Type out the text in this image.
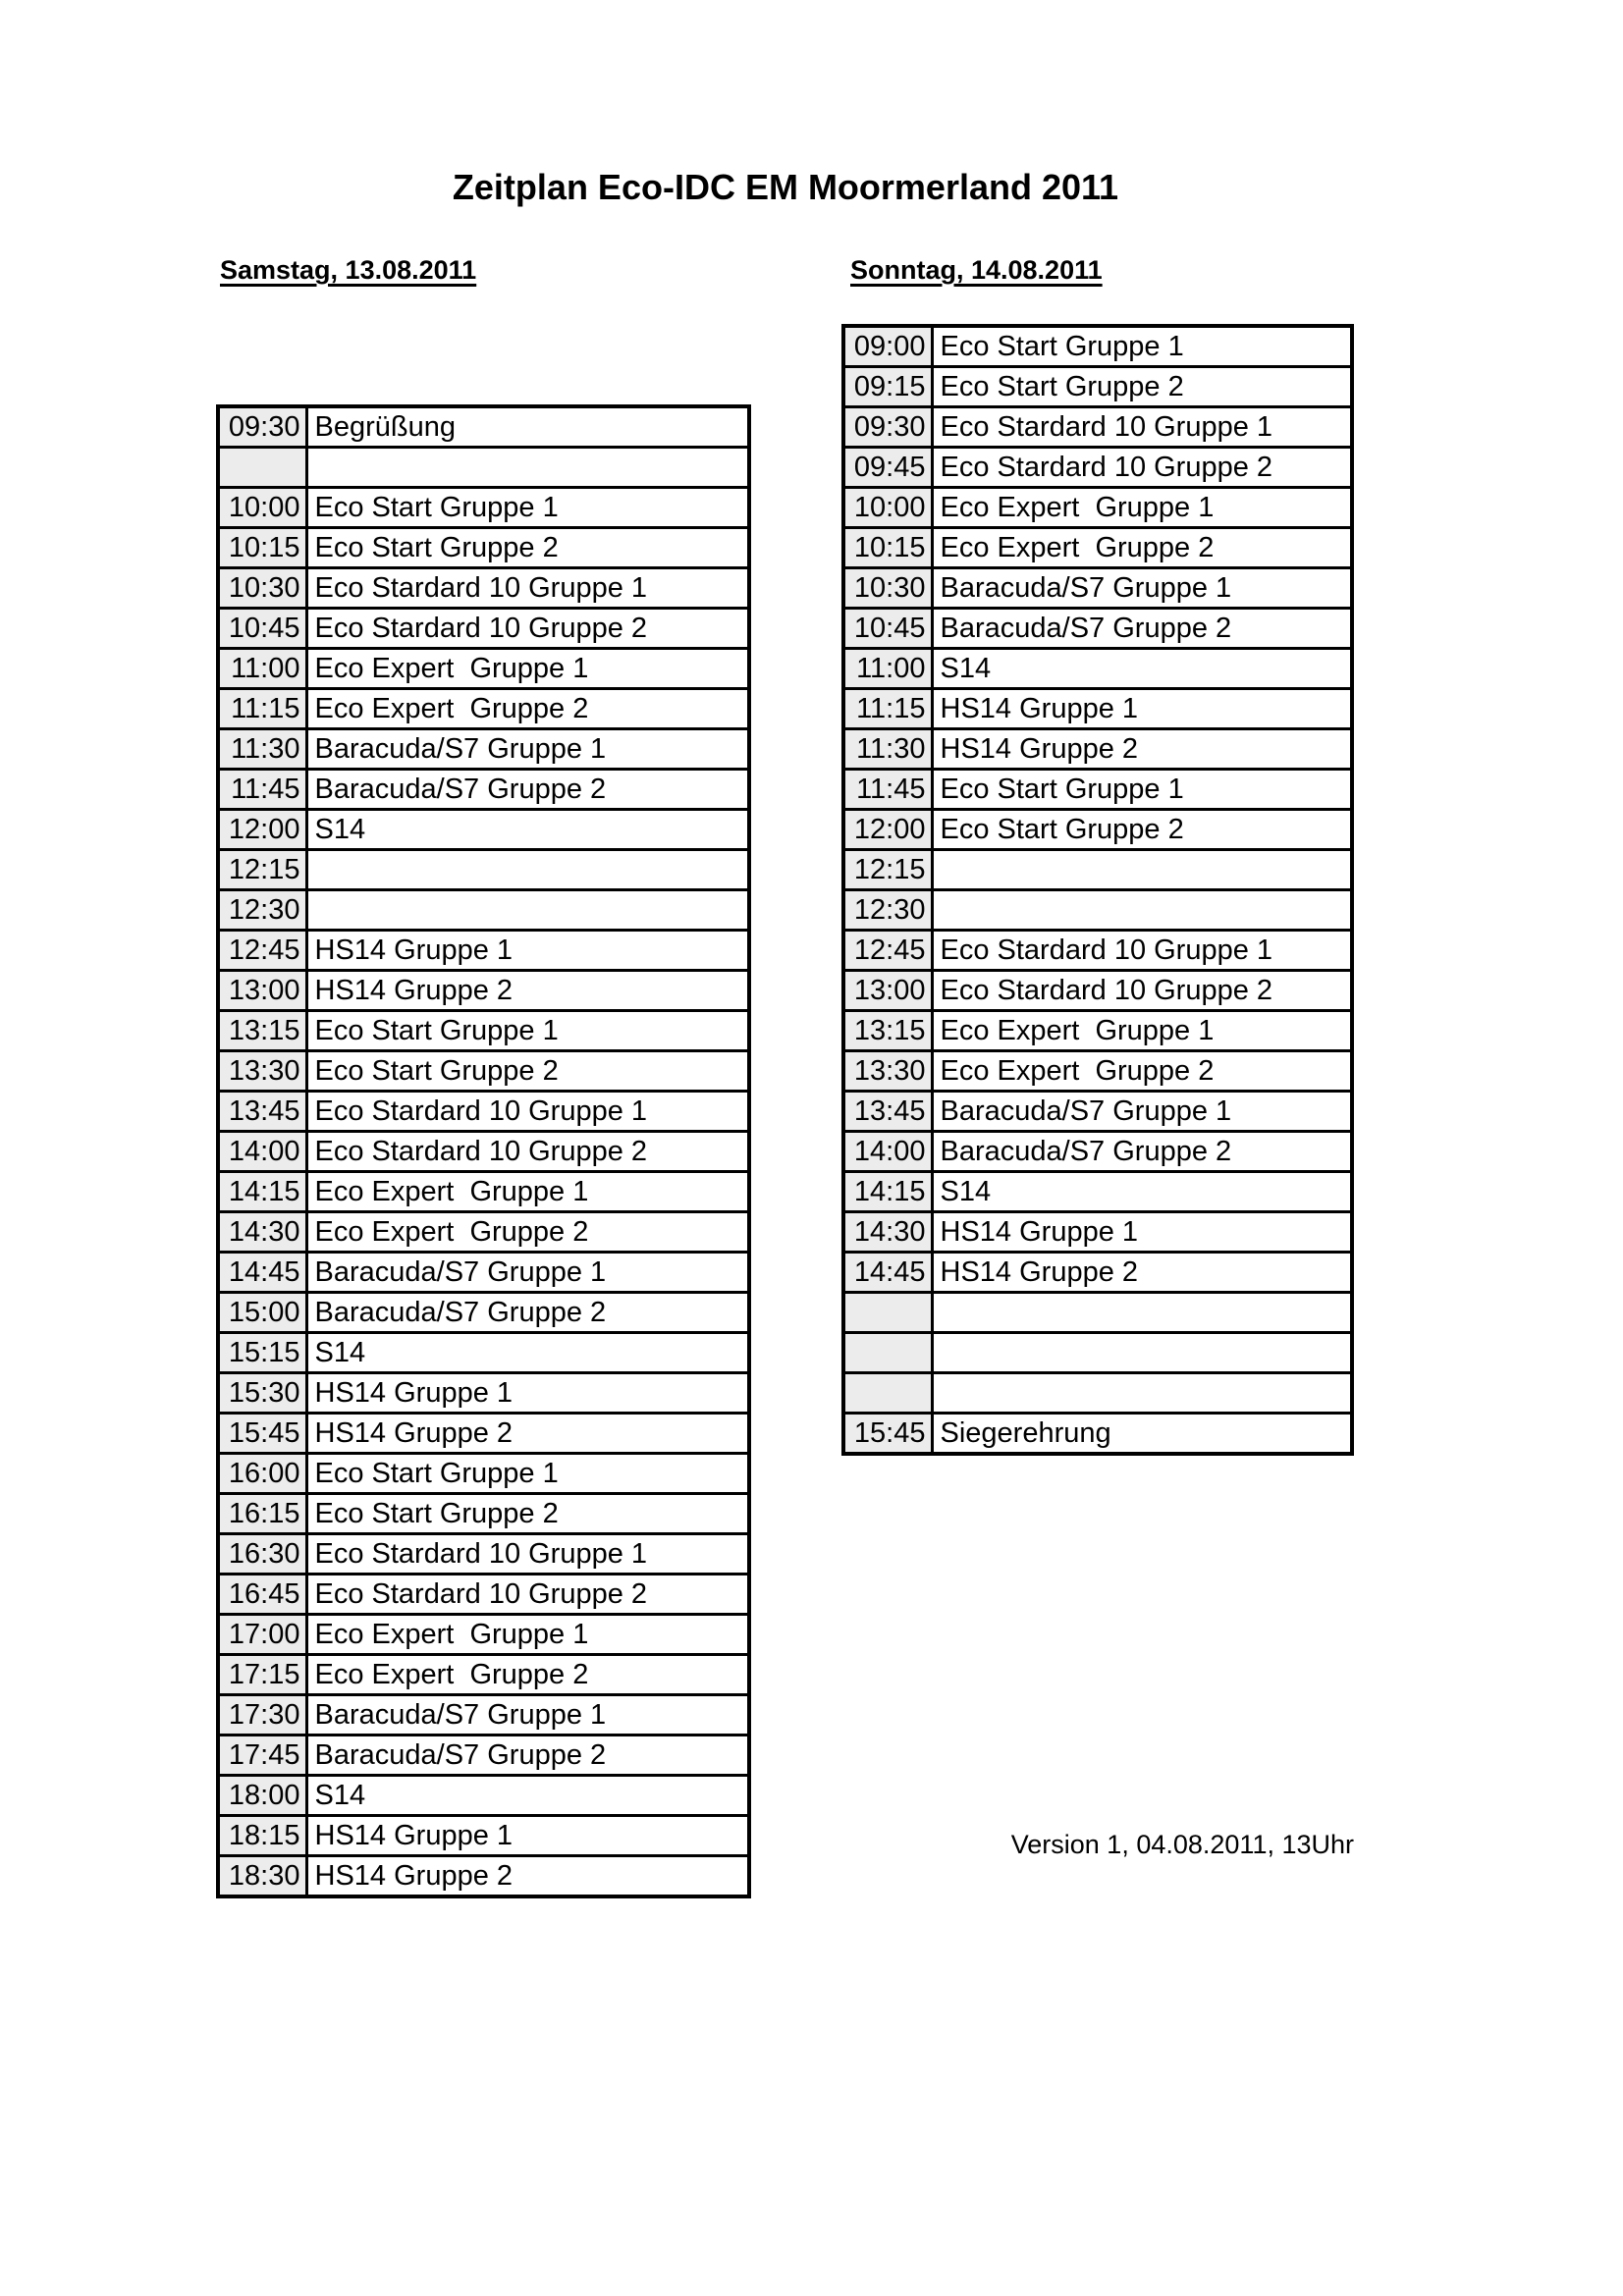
Zeitplan Eco-IDC EM Moormerland 2011
Samstag, 13.08.2011	Sonntag, 14.08.2011
09:30	Begrüßung

10:00	Eco Start Gruppe 1
10:15	Eco Start Gruppe 2
10:30	Eco Stardard 10 Gruppe 1
10:45	Eco Stardard 10 Gruppe 2
11:00	Eco Expert  Gruppe 1
11:15	Eco Expert  Gruppe 2
11:30	Baracuda/S7 Gruppe 1
11:45	Baracuda/S7 Gruppe 2
12:00	S14
12:15	
12:30	
12:45	HS14 Gruppe 1
13:00	HS14 Gruppe 2
13:15	Eco Start Gruppe 1
13:30	Eco Start Gruppe 2
13:45	Eco Stardard 10 Gruppe 1
14:00	Eco Stardard 10 Gruppe 2
14:15	Eco Expert  Gruppe 1
14:30	Eco Expert  Gruppe 2
14:45	Baracuda/S7 Gruppe 1
15:00	Baracuda/S7 Gruppe 2
15:15	S14
15:30	HS14 Gruppe 1
15:45	HS14 Gruppe 2
16:00	Eco Start Gruppe 1
16:15	Eco Start Gruppe 2
16:30	Eco Stardard 10 Gruppe 1
16:45	Eco Stardard 10 Gruppe 2
17:00	Eco Expert  Gruppe 1
17:15	Eco Expert  Gruppe 2
17:30	Baracuda/S7 Gruppe 1
17:45	Baracuda/S7 Gruppe 2
18:00	S14
18:15	HS14 Gruppe 1
18:30	HS14 Gruppe 2
09:00	Eco Start Gruppe 1
09:15	Eco Start Gruppe 2
09:30	Eco Stardard 10 Gruppe 1
09:45	Eco Stardard 10 Gruppe 2
10:00	Eco Expert  Gruppe 1
10:15	Eco Expert  Gruppe 2
10:30	Baracuda/S7 Gruppe 1
10:45	Baracuda/S7 Gruppe 2
11:00	S14
11:15	HS14 Gruppe 1
11:30	HS14 Gruppe 2
11:45	Eco Start Gruppe 1
12:00	Eco Start Gruppe 2
12:15	
12:30	
12:45	Eco Stardard 10 Gruppe 1
13:00	Eco Stardard 10 Gruppe 2
13:15	Eco Expert  Gruppe 1
13:30	Eco Expert  Gruppe 2
13:45	Baracuda/S7 Gruppe 1
14:00	Baracuda/S7 Gruppe 2
14:15	S14
14:30	HS14 Gruppe 1
14:45	HS14 Gruppe 2

15:45	Siegerehrung
Version 1, 04.08.2011, 13Uhr
